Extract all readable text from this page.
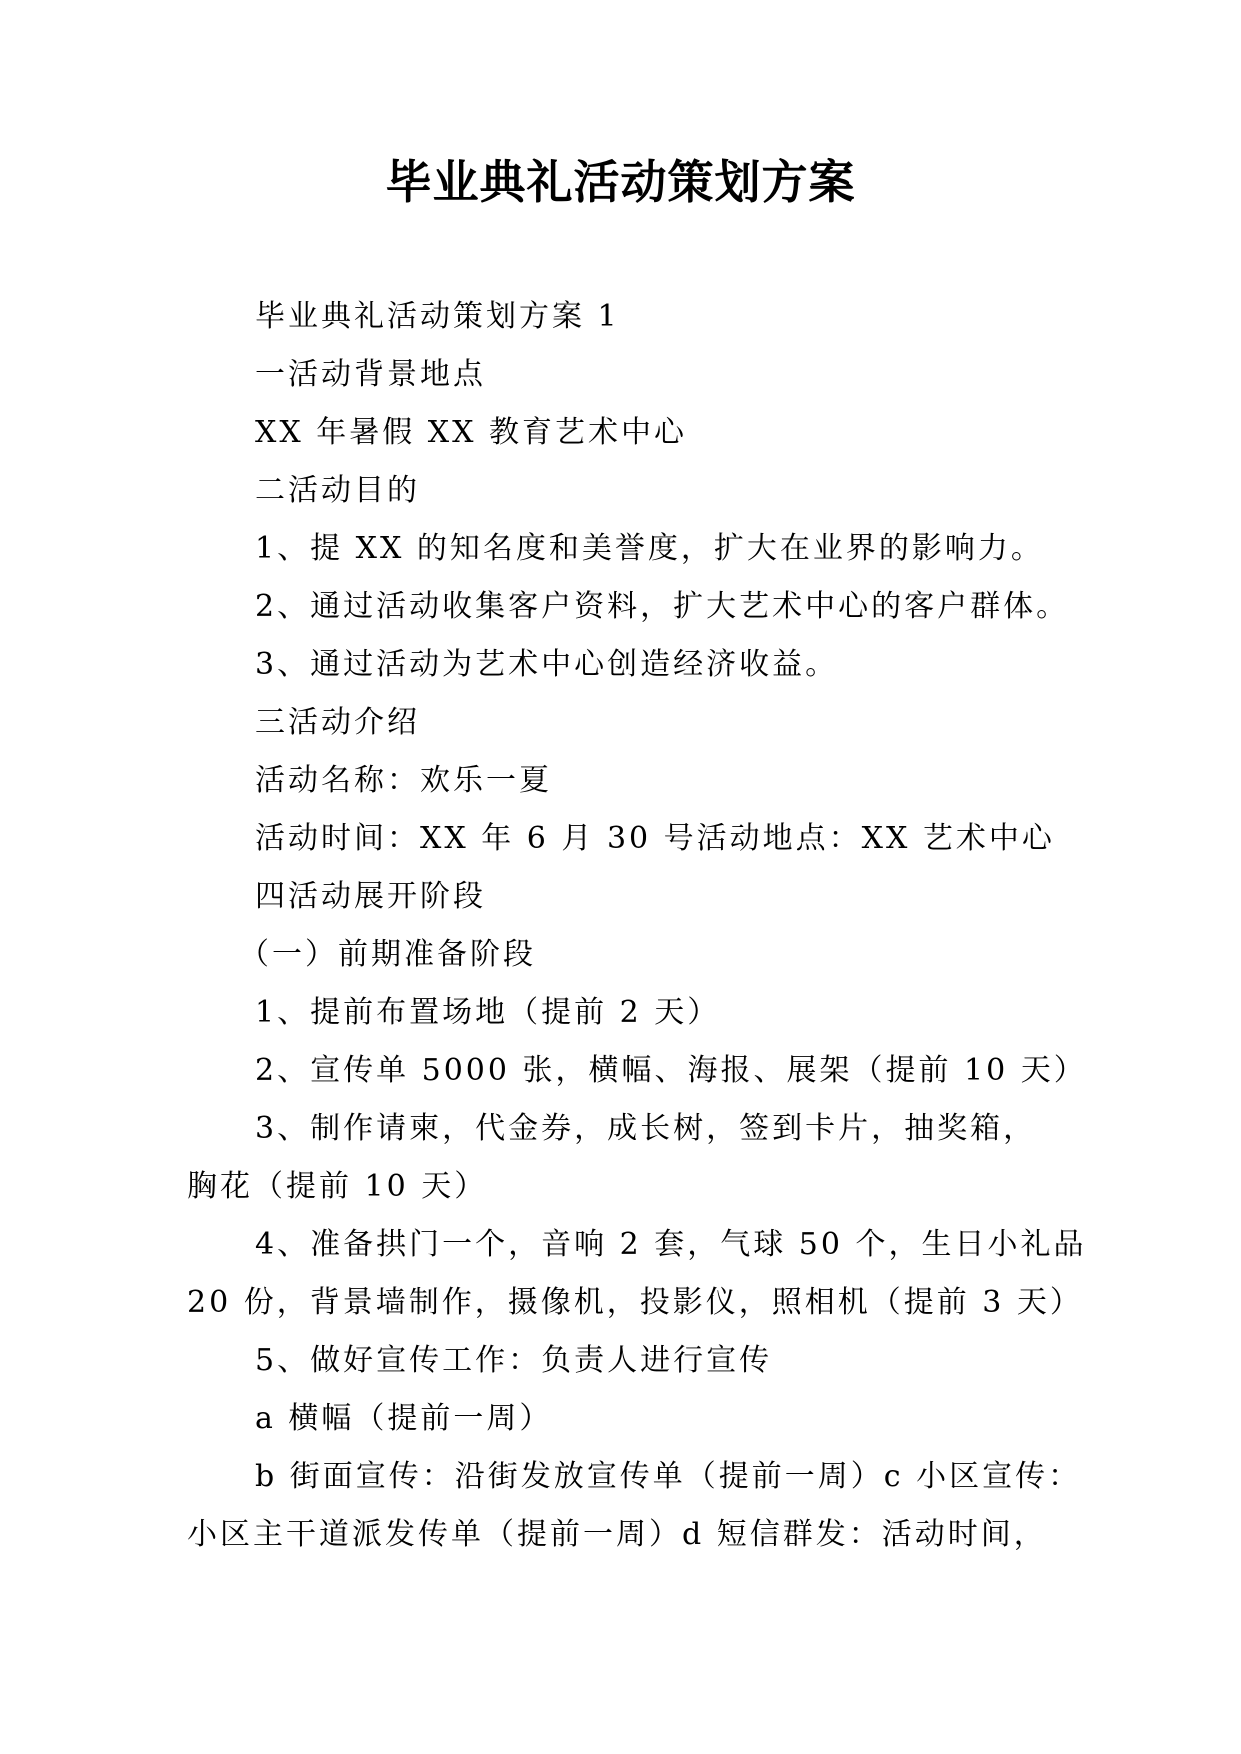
毕业典礼活动策划方案

毕业典礼活动策划方案 1

一活动背景地点

XX 年暑假 XX 教育艺术中心

二活动目的

1、提 XX 的知名度和美誉度，扩大在业界的影响力。

2、通过活动收集客户资料，扩大艺术中心的客户群体。

3、通过活动为艺术中心创造经济收益。

三活动介绍

活动名称：欢乐一夏

活动时间：XX 年 6 月 30 号活动地点：XX 艺术中心

四活动展开阶段

（一）前期准备阶段

1、提前布置场地（提前 2 天）

2、宣传单 5000 张，横幅、海报、展架（提前 10 天）

3、制作请柬，代金券，成长树，签到卡片，抽奖箱，

胸花（提前 10 天）

4、准备拱门一个，音响 2 套，气球 50 个，生日小礼品

20 份，背景墙制作，摄像机，投影仪，照相机（提前 3 天）

5、做好宣传工作：负责人进行宣传

a 横幅（提前一周）

b 街面宣传：沿街发放宣传单（提前一周）c 小区宣传：

小区主干道派发传单（提前一周）d 短信群发：活动时间，
